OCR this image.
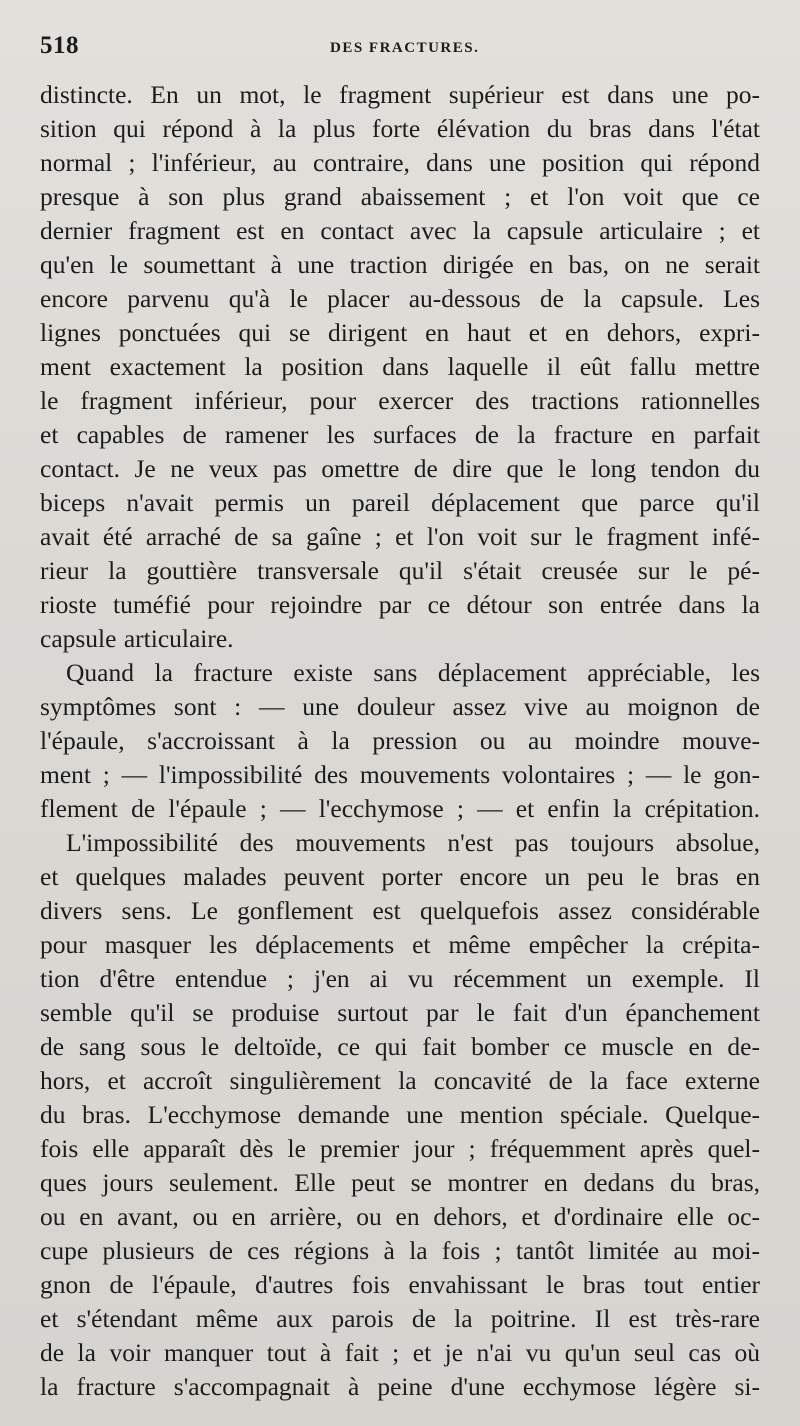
518	DES FRACTURES.
distincte. En un mot, le fragment supérieur est dans une po-
sition qui répond à la plus forte élévation du bras dans l'état
normal ; l'inférieur, au contraire, dans une position qui répond
presque à son plus grand abaissement ; et l'on voit que ce
dernier fragment est en contact avec la capsule articulaire ; et
qu'en le soumettant à une traction dirigée en bas, on ne serait
encore parvenu qu'à le placer au-dessous de la capsule. Les
lignes ponctuées qui se dirigent en haut et en dehors, expri-
ment exactement la position dans laquelle il eût fallu mettre
le fragment inférieur, pour exercer des tractions rationnelles
et capables de ramener les surfaces de la fracture en parfait
contact. Je ne veux pas omettre de dire que le long tendon du
biceps n'avait permis un pareil déplacement que parce qu'il
avait été arraché de sa gaîne ; et l'on voit sur le fragment infé-
rieur la gouttière transversale qu'il s'était creusée sur le pé-
rioste tuméfié pour rejoindre par ce détour son entrée dans la
capsule articulaire.
Quand la fracture existe sans déplacement appréciable, les
symptômes sont : — une douleur assez vive au moignon de
l'épaule, s'accroissant à la pression ou au moindre mouve-
ment ; — l'impossibilité des mouvements volontaires ; — le gon-
flement de l'épaule ; — l'ecchymose ; — et enfin la crépitation.
L'impossibilité des mouvements n'est pas toujours absolue,
et quelques malades peuvent porter encore un peu le bras en
divers sens. Le gonflement est quelquefois assez considérable
pour masquer les déplacements et même empêcher la crépita-
tion d'être entendue ; j'en ai vu récemment un exemple. Il
semble qu'il se produise surtout par le fait d'un épanchement
de sang sous le deltoïde, ce qui fait bomber ce muscle en de-
hors, et accroît singulièrement la concavité de la face externe
du bras. L'ecchymose demande une mention spéciale. Quelque-
fois elle apparaît dès le premier jour ; fréquemment après quel-
ques jours seulement. Elle peut se montrer en dedans du bras,
ou en avant, ou en arrière, ou en dehors, et d'ordinaire elle oc-
cupe plusieurs de ces régions à la fois ; tantôt limitée au moi-
gnon de l'épaule, d'autres fois envahissant le bras tout entier
et s'étendant même aux parois de la poitrine. Il est très-rare
de la voir manquer tout à fait ; et je n'ai vu qu'un seul cas où
la fracture s'accompagnait à peine d'une ecchymose légère si-
